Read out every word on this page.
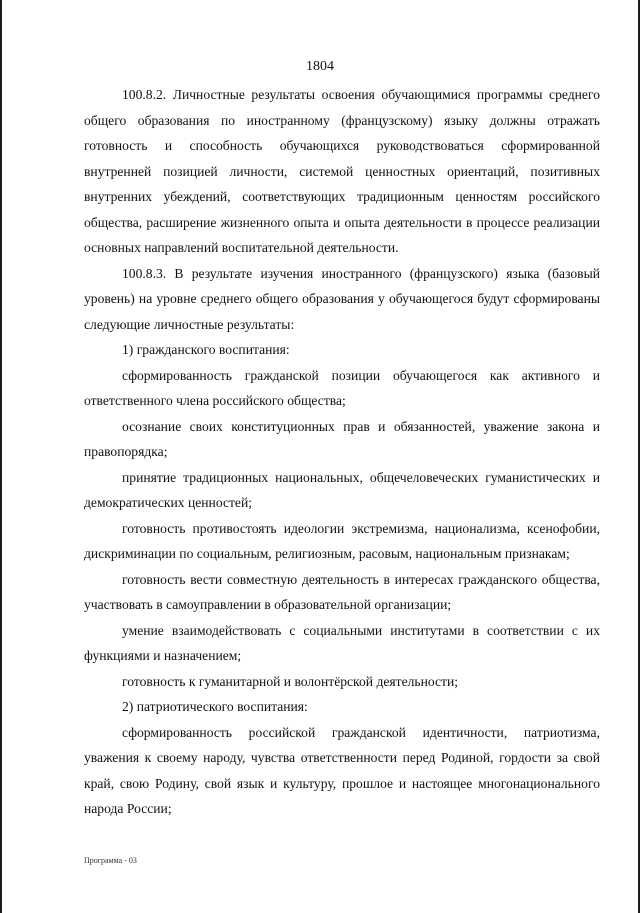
1804

100.8.2. Личностные результаты освоения обучающимися программы среднего общего образования по иностранному (французскому) языку должны отражать готовность и способность обучающихся руководствоваться сформированной внутренней позицией личности, системой ценностных ориентаций, позитивных внутренних убеждений, соответствующих традиционным ценностям российского общества, расширение жизненного опыта и опыта деятельности в процессе реализации основных направлений воспитательной деятельности.

100.8.3. В результате изучения иностранного (французского) языка (базовый уровень) на уровне среднего общего образования у обучающегося будут сформированы следующие личностные результаты:

1) гражданского воспитания:

сформированность гражданской позиции обучающегося как активного и ответственного члена российского общества;

осознание своих конституционных прав и обязанностей, уважение закона и правопорядка;

принятие традиционных национальных, общечеловеческих гуманистических и демократических ценностей;

готовность противостоять идеологии экстремизма, национализма, ксенофобии, дискриминации по социальным, религиозным, расовым, национальным признакам;

готовность вести совместную деятельность в интересах гражданского общества, участвовать в самоуправлении в образовательной организации;

умение взаимодействовать с социальными институтами в соответствии с их функциями и назначением;

готовность к гуманитарной и волонтёрской деятельности;

2) патриотического воспитания:

сформированность российской гражданской идентичности, патриотизма, уважения к своему народу, чувства ответственности перед Родиной, гордости за свой край, свою Родину, свой язык и культуру, прошлое и настоящее многонационального народа России;

Программа - 03
